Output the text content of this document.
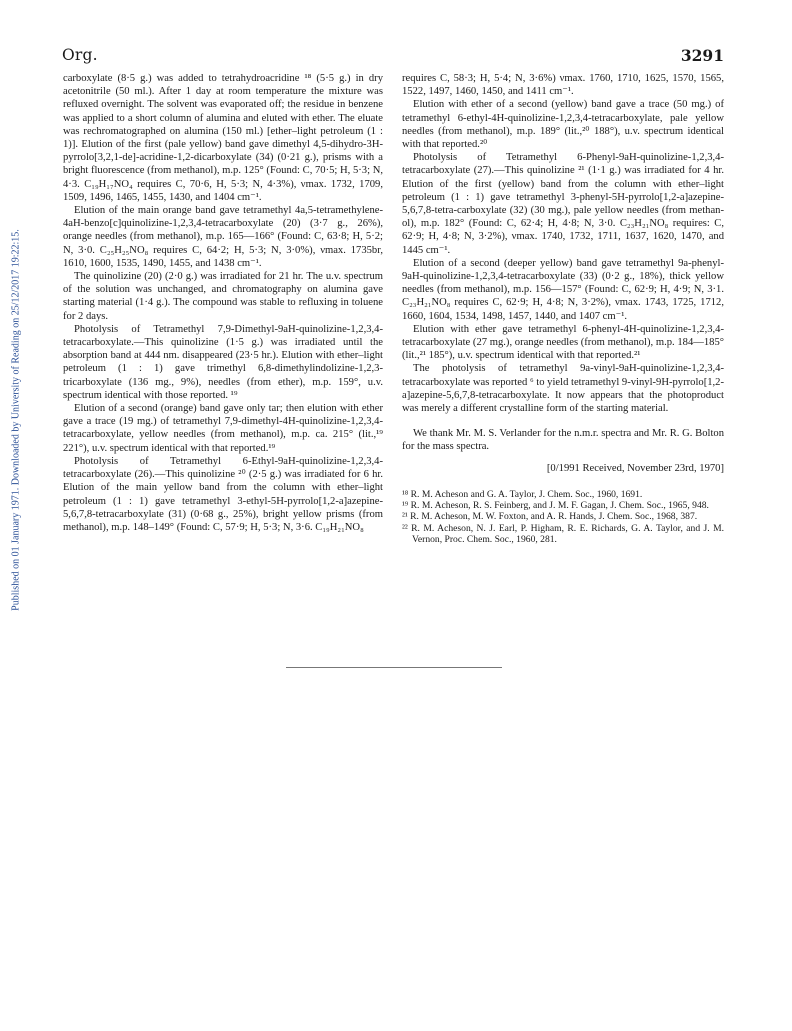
Published on 01 January 1971. Downloaded by University of Reading on 25/12/2017 19:22:15.
Org.	3291

carboxylate (8·5 g.) was added to tetrahydroacridine ¹⁸ (5·5 g.) in dry acetonitrile (50 ml.). After 1 day at room temperature the mixture was refluxed overnight. The solvent was evaporated off; the residue in benzene was applied to a short column of alumina and eluted with ether. The eluate was rechromatographed on alumina (150 ml.) [ether–light petroleum (1 : 1)]. Elution of the first (pale yellow) band gave dimethyl 4,5-dihydro-3H-pyrrolo[3,2,1-de]-acridine-1,2-dicarboxylate (34) (0·21 g.), prisms with a bright fluorescence (from methanol), m.p. 125° (Found: C, 70·5; H, 5·3; N, 4·3. C₁₉H₁₇NO₄ requires C, 70·6, H, 5·3; N, 4·3%), νmax. 1732, 1709, 1509, 1496, 1465, 1455, 1430, and 1404 cm⁻¹.

Elution of the main orange band gave tetramethyl 4a,5-tetramethylene-4aH-benzo[c]quinolizine-1,2,3,4-tetracarboxylate (20) (3·7 g., 26%), orange needles (from methanol), m.p. 165—166° (Found: C, 63·8; H, 5·2; N, 3·0. C₂₅H₂₅NO₈ requires C, 64·2; H, 5·3; N, 3·0%), νmax. 1735br, 1610, 1600, 1535, 1490, 1455, and 1438 cm⁻¹.

The quinolizine (20) (2·0 g.) was irradiated for 21 hr. The u.v. spectrum of the solution was unchanged, and chromatography on alumina gave starting material (1·4 g.). The compound was stable to refluxing in toluene for 2 days.

Photolysis of Tetramethyl 7,9-Dimethyl-9aH-quinolizine-1,2,3,4-tetracarboxylate.—This quinolizine (1·5 g.) was irradiated until the absorption band at 444 nm. disappeared (23·5 hr.). Elution with ether–light petroleum (1 : 1) gave trimethyl 6,8-dimethylindolizine-1,2,3-tricarboxylate (136 mg., 9%), needles (from ether), m.p. 159°, u.v. spectrum identical with those reported. ¹⁹

Elution of a second (orange) band gave only tar; then elution with ether gave a trace (19 mg.) of tetramethyl 7,9-dimethyl-4H-quinolizine-1,2,3,4-tetracarboxylate, yellow needles (from methanol), m.p. ca. 215° (lit.,¹⁹ 221°), u.v. spectrum identical with that reported.¹⁹

Photolysis of Tetramethyl 6-Ethyl-9aH-quinolizine-1,2,3,4-tetracarboxylate (26).—This quinolizine ²⁰ (2·5 g.) was irradiated for 6 hr. Elution of the main yellow band from the column with ether–light petroleum (1 : 1) gave tetramethyl 3-ethyl-5H-pyrrolo[1,2-a]azepine-5,6,7,8-tetracarboxylate (31) (0·68 g., 25%), bright yellow prisms (from methanol), m.p. 148–149° (Found: C, 57·9; H, 5·3; N, 3·6. C₁₉H₂₁NO₈

requires C, 58·3; H, 5·4; N, 3·6%) νmax. 1760, 1710, 1625, 1570, 1565, 1522, 1497, 1460, 1450, and 1411 cm⁻¹.

Elution with ether of a second (yellow) band gave a trace (50 mg.) of tetramethyl 6-ethyl-4H-quinolizine-1,2,3,4-tetracarboxylate, pale yellow needles (from methanol), m.p. 189° (lit.,²⁰ 188°), u.v. spectrum identical with that reported.²⁰

Photolysis of Tetramethyl 6-Phenyl-9aH-quinolizine-1,2,3,4-tetracarboxylate (27).—This quinolizine ²¹ (1·1 g.) was irradiated for 4 hr. Elution of the first (yellow) band from the column with ether–light petroleum (1 : 1) gave tetramethyl 3-phenyl-5H-pyrrolo[1,2-a]azepine-5,6,7,8-tetra-carboxylate (32) (30 mg.), pale yellow needles (from methan-ol), m.p. 182° (Found: C, 62·4; H, 4·8; N, 3·0. C₂₃H₂₁NO₈ requires: C, 62·9; H, 4·8; N, 3·2%), νmax. 1740, 1732, 1711, 1637, 1620, 1470, and 1445 cm⁻¹.

Elution of a second (deeper yellow) band gave tetramethyl 9a-phenyl-9aH-quinolizine-1,2,3,4-tetracarboxylate (33) (0·2 g., 18%), thick yellow needles (from methanol), m.p. 156—157° (Found: C, 62·9; H, 4·9; N, 3·1. C₂₃H₂₁NO₈ requires C, 62·9; H, 4·8; N, 3·2%), νmax. 1743, 1725, 1712, 1660, 1604, 1534, 1498, 1457, 1440, and 1407 cm⁻¹.

Elution with ether gave tetramethyl 6-phenyl-4H-quinolizine-1,2,3,4-tetracarboxylate (27 mg.), orange needles (from methanol), m.p. 184—185° (lit.,²¹ 185°), u.v. spectrum identical with that reported.²¹

The photolysis of tetramethyl 9a-vinyl-9aH-quinolizine-1,2,3,4-tetracarboxylate was reported ⁶ to yield tetramethyl 9-vinyl-9H-pyrrolo[1,2-a]azepine-5,6,7,8-tetracarboxylate. It now appears that the photoproduct was merely a different crystalline form of the starting material.

We thank Mr. M. S. Verlander for the n.m.r. spectra and Mr. R. G. Bolton for the mass spectra.

[0/1991 Received, November 23rd, 1970]
¹⁸ R. M. Acheson and G. A. Taylor, J. Chem. Soc., 1960, 1691.
¹⁹ R. M. Acheson, R. S. Feinberg, and J. M. F. Gagan, J. Chem. Soc., 1965, 948.
²¹ R. M. Acheson, M. W. Foxton, and A. R. Hands, J. Chem. Soc., 1968, 387.
²² R. M. Acheson, N. J. Earl, P. Higham, R. E. Richards, G. A. Taylor, and J. M. Vernon, Proc. Chem. Soc., 1960, 281.
